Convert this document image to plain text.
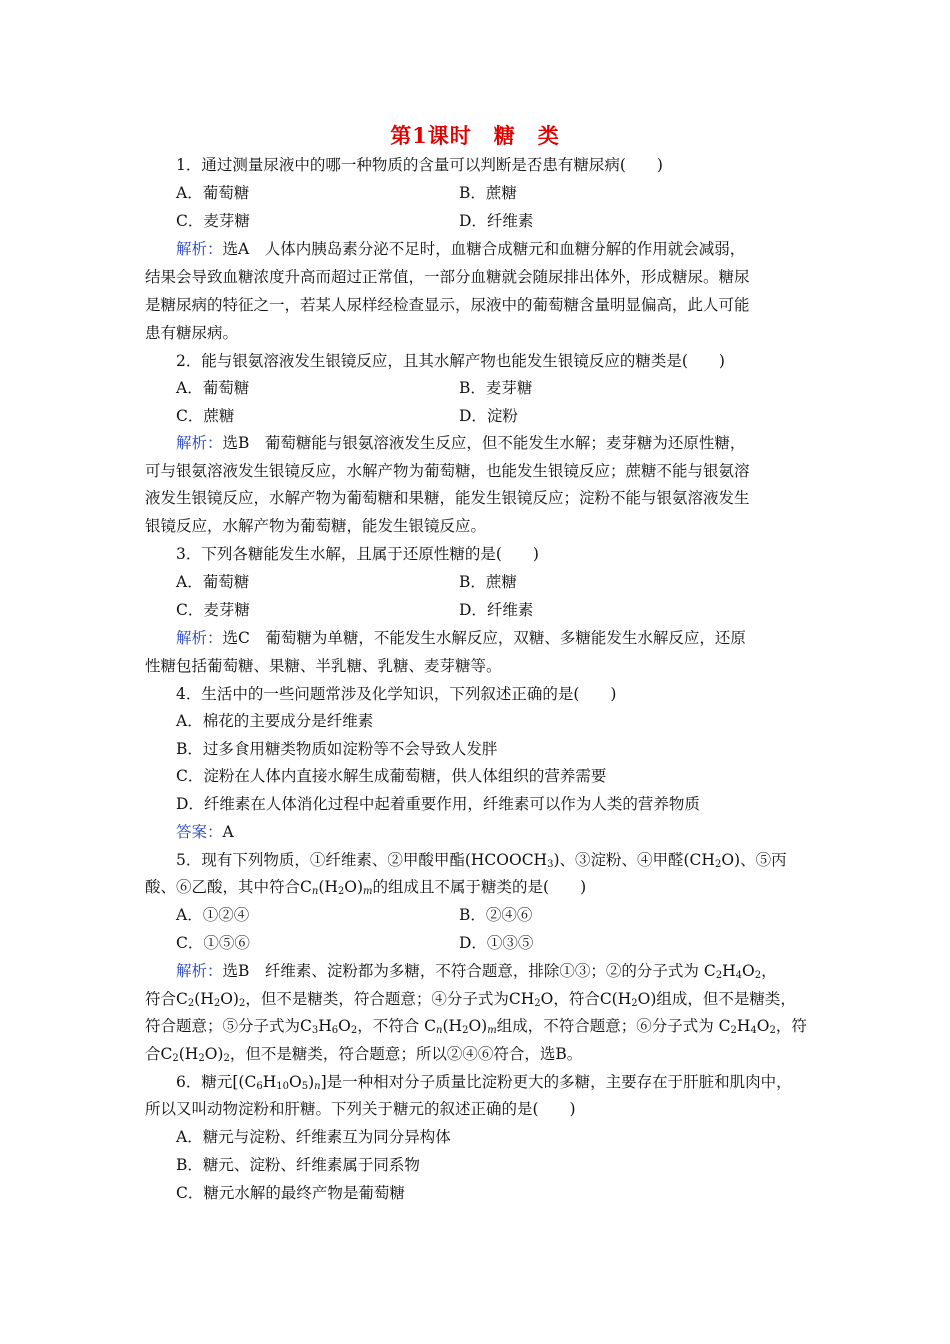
第1课时　糖　类
1．通过测量尿液中的哪一种物质的含量可以判断是否患有糖尿病(　　)
A．葡萄糖	B．蔗糖
C．麦芽糖	D．纤维素
解析：选A　人体内胰岛素分泌不足时，血糖合成糖元和血糖分解的作用就会减弱，
结果会导致血糖浓度升高而超过正常值，一部分血糖就会随尿排出体外，形成糖尿。糖尿
是糖尿病的特征之一，若某人尿样经检查显示，尿液中的葡萄糖含量明显偏高，此人可能
患有糖尿病。
2．能与银氨溶液发生银镜反应，且其水解产物也能发生银镜反应的糖类是(　　)
A．葡萄糖	B．麦芽糖
C．蔗糖	D．淀粉
解析：选B　葡萄糖能与银氨溶液发生反应，但不能发生水解；麦芽糖为还原性糖，
可与银氨溶液发生银镜反应，水解产物为葡萄糖，也能发生银镜反应；蔗糖不能与银氨溶
液发生银镜反应，水解产物为葡萄糖和果糖，能发生银镜反应；淀粉不能与银氨溶液发生
银镜反应，水解产物为葡萄糖，能发生银镜反应。
3．下列各糖能发生水解，且属于还原性糖的是(　　)
A．葡萄糖	B．蔗糖
C．麦芽糖	D．纤维素
解析：选C　葡萄糖为单糖，不能发生水解反应，双糖、多糖能发生水解反应，还原
性糖包括葡萄糖、果糖、半乳糖、乳糖、麦芽糖等。
4．生活中的一些问题常涉及化学知识，下列叙述正确的是(　　)
A．棉花的主要成分是纤维素
B．过多食用糖类物质如淀粉等不会导致人发胖
C．淀粉在人体内直接水解生成葡萄糖，供人体组织的营养需要
D．纤维素在人体消化过程中起着重要作用，纤维素可以作为人类的营养物质
答案：A
5．现有下列物质，①纤维素、②甲酸甲酯$(HCOOCH_3)$、③淀粉、④甲醛$(CH_2O)$、⑤丙
酸、⑥乙酸，其中符合$C_n(H_2O)_m$的组成且不属于糖类的是(　　)
A．①②④	B．②④⑥
C．①⑤⑥	D．①③⑤
解析：选B　纤维素、淀粉都为多糖，不符合题意，排除①③；②的分子式为 $C_2H_4O_2$，
符合$C_2(H_2O)_2$，但不是糖类，符合题意；④分子式为$CH_2O$，符合$C(H_2O)$组成，但不是糖类，
符合题意；⑤分子式为$C_3H_6O_2$，不符合 $C_n(H_2O)_m$组成，不符合题意；⑥分子式为 $C_2H_4O_2$，符
合$C_2(H_2O)_2$，但不是糖类，符合题意；所以②④⑥符合，选B。
6．糖元$[(C_6H_{10}O_5)_n]$是一种相对分子质量比淀粉更大的多糖，主要存在于肝脏和肌肉中，
所以又叫动物淀粉和肝糖。下列关于糖元的叙述正确的是(　　)
A．糖元与淀粉、纤维素互为同分异构体
B．糖元、淀粉、纤维素属于同系物
C．糖元水解的最终产物是葡萄糖
